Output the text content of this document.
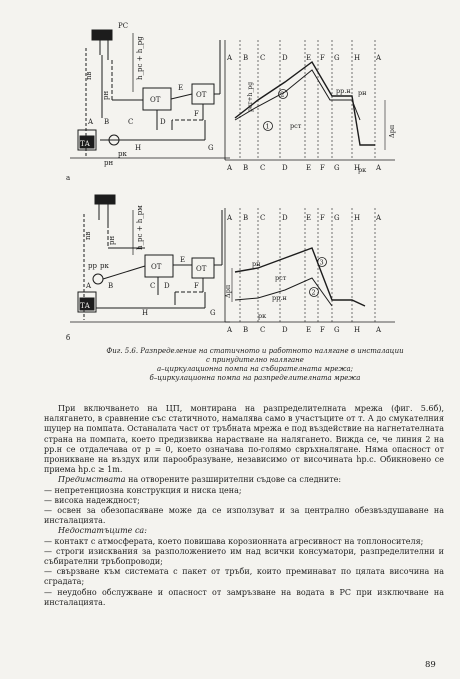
РС
h_рс + h_рg
nв
pн	ОТ
ОТ
ТА
pк
pн
а
A B	C	D
E
F
G
H
A B C D	E F G H A
A B C D	E F G H A
pст+h_рg
pст
pр.н pн
Δpп
pк
1
2
h_рс + h_рм
nв
pн
ОТ	ОТ
ТА
pр pк
б
A B	C D
E
F
G
H
A B C D	E F G H A
A B C D	E F G H A
pн
pст
pр.н
Δpп
pк
3
2
Фиг. 5.6. Разпределение на статичното и работното налягане в инсталации с принудително налягане
а–циркулационна помпа на събирателната мрежа;
б–циркулационна помпа на разпределителната мрежа

При включването на ЦП, монтирана на разпределителната мрежа (фиг. 5.6б), налягането, в сравнение със статичното, намалява само в участъците от т. А до смукателния щуцер на помпата. Останалата част от тръбната мрежа е под въздействие на нагнетателната страна на помпата, което предизвиква нарастване на налягането. Вижда се, че линия 2 на pр.н се отдалечава от p = 0, което означава по-голямо свръхналягане. Няма опасност от проникване на въздух или парообразуване, независимо от височината hр.с. Обикновено се приема hр.с ≥ 1m.

Предимствата на отворените разширителни съдове са следните:

— непретенциозна конструкция и ниска цена;

— висока надеждност;

— освен за обезопасяване може да се използуват и за централно обезвъздушаване на инсталацията.

Недостатъците са:

— контакт с атмосферата, което повишава корозионната агресивност на топлоносителя;

— строги изисквания за разположението им над всички консуматори, разпределителни и събирателни тръбопроводи;

— свързване към системата с пакет от тръби, които преминават по цялата височина на сградата;

— неудобно обслужване и опасност от замръзване на водата в РС при изключване на инсталацията.

89
